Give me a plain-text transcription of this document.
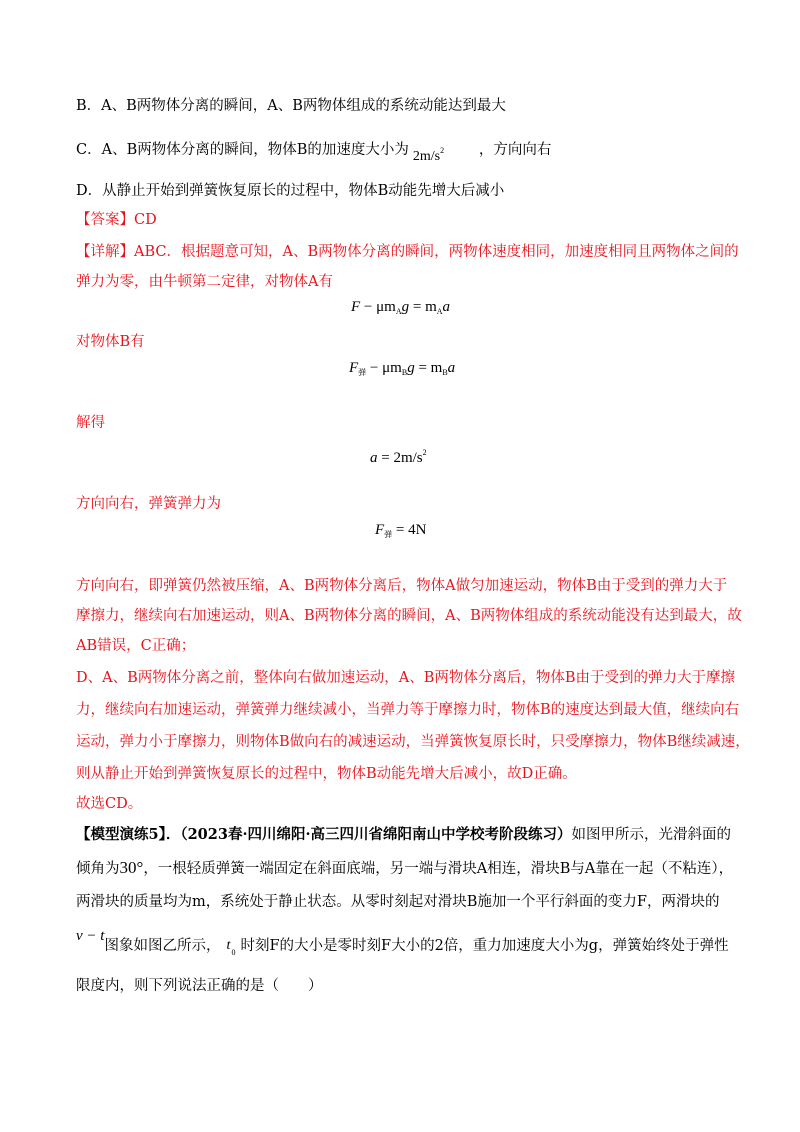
B．A、B两物体分离的瞬间，A、B两物体组成的系统动能达到最大
C．A、B两物体分离的瞬间，物体B的加速度大小为 $2m/s^2$ ，方向向右
D．从静止开始到弹簧恢复原长的过程中，物体B动能先增大后减小
【答案】CD
【详解】ABC．根据题意可知，A、B两物体分离的瞬间，两物体速度相同，加速度相同且两物体之间的
弹力为零，由牛顿第二定律，对物体A有
$F - \mu m_Ag = m_Aa$
对物体B有
$F_弹 - \mu m_Bg = m_Ba$
解得
$a = 2m/s^2$
方向向右，弹簧弹力为
$F_弹 = 4N$
方向向右，即弹簧仍然被压缩，A、B两物体分离后，物体A做匀加速运动，物体B由于受到的弹力大于
摩擦力，继续向右加速运动，则A、B两物体分离的瞬间，A、B两物体组成的系统动能没有达到最大，故
AB错误，C正确；
D、A、B两物体分离之前，整体向右做加速运动，A、B两物体分离后，物体B由于受到的弹力大于摩擦
力，继续向右加速运动，弹簧弹力继续减小，当弹力等于摩擦力时，物体B的速度达到最大值，继续向右
运动，弹力小于摩擦力，则物体B做向右的减速运动，当弹簧恢复原长时，只受摩擦力，物体B继续减速，
则从静止开始到弹簧恢复原长的过程中，物体B动能先增大后减小，故D正确。
故选CD。
【模型演练5】．（2023春·四川绵阳·高三四川省绵阳南山中学校考阶段练习）如图甲所示，光滑斜面的
倾角为30°，一根轻质弹簧一端固定在斜面底端，另一端与滑块A相连，滑块B与A靠在一起（不粘连），
两滑块的质量均为m，系统处于静止状态。从零时刻起对滑块B施加一个平行斜面的变力F，两滑块的
v − t图象如图乙所示， t 0 时刻F的大小是零时刻F大小的2倍，重力加速度大小为g，弹簧始终处于弹性
限度内，则下列说法正确的是（　　）
